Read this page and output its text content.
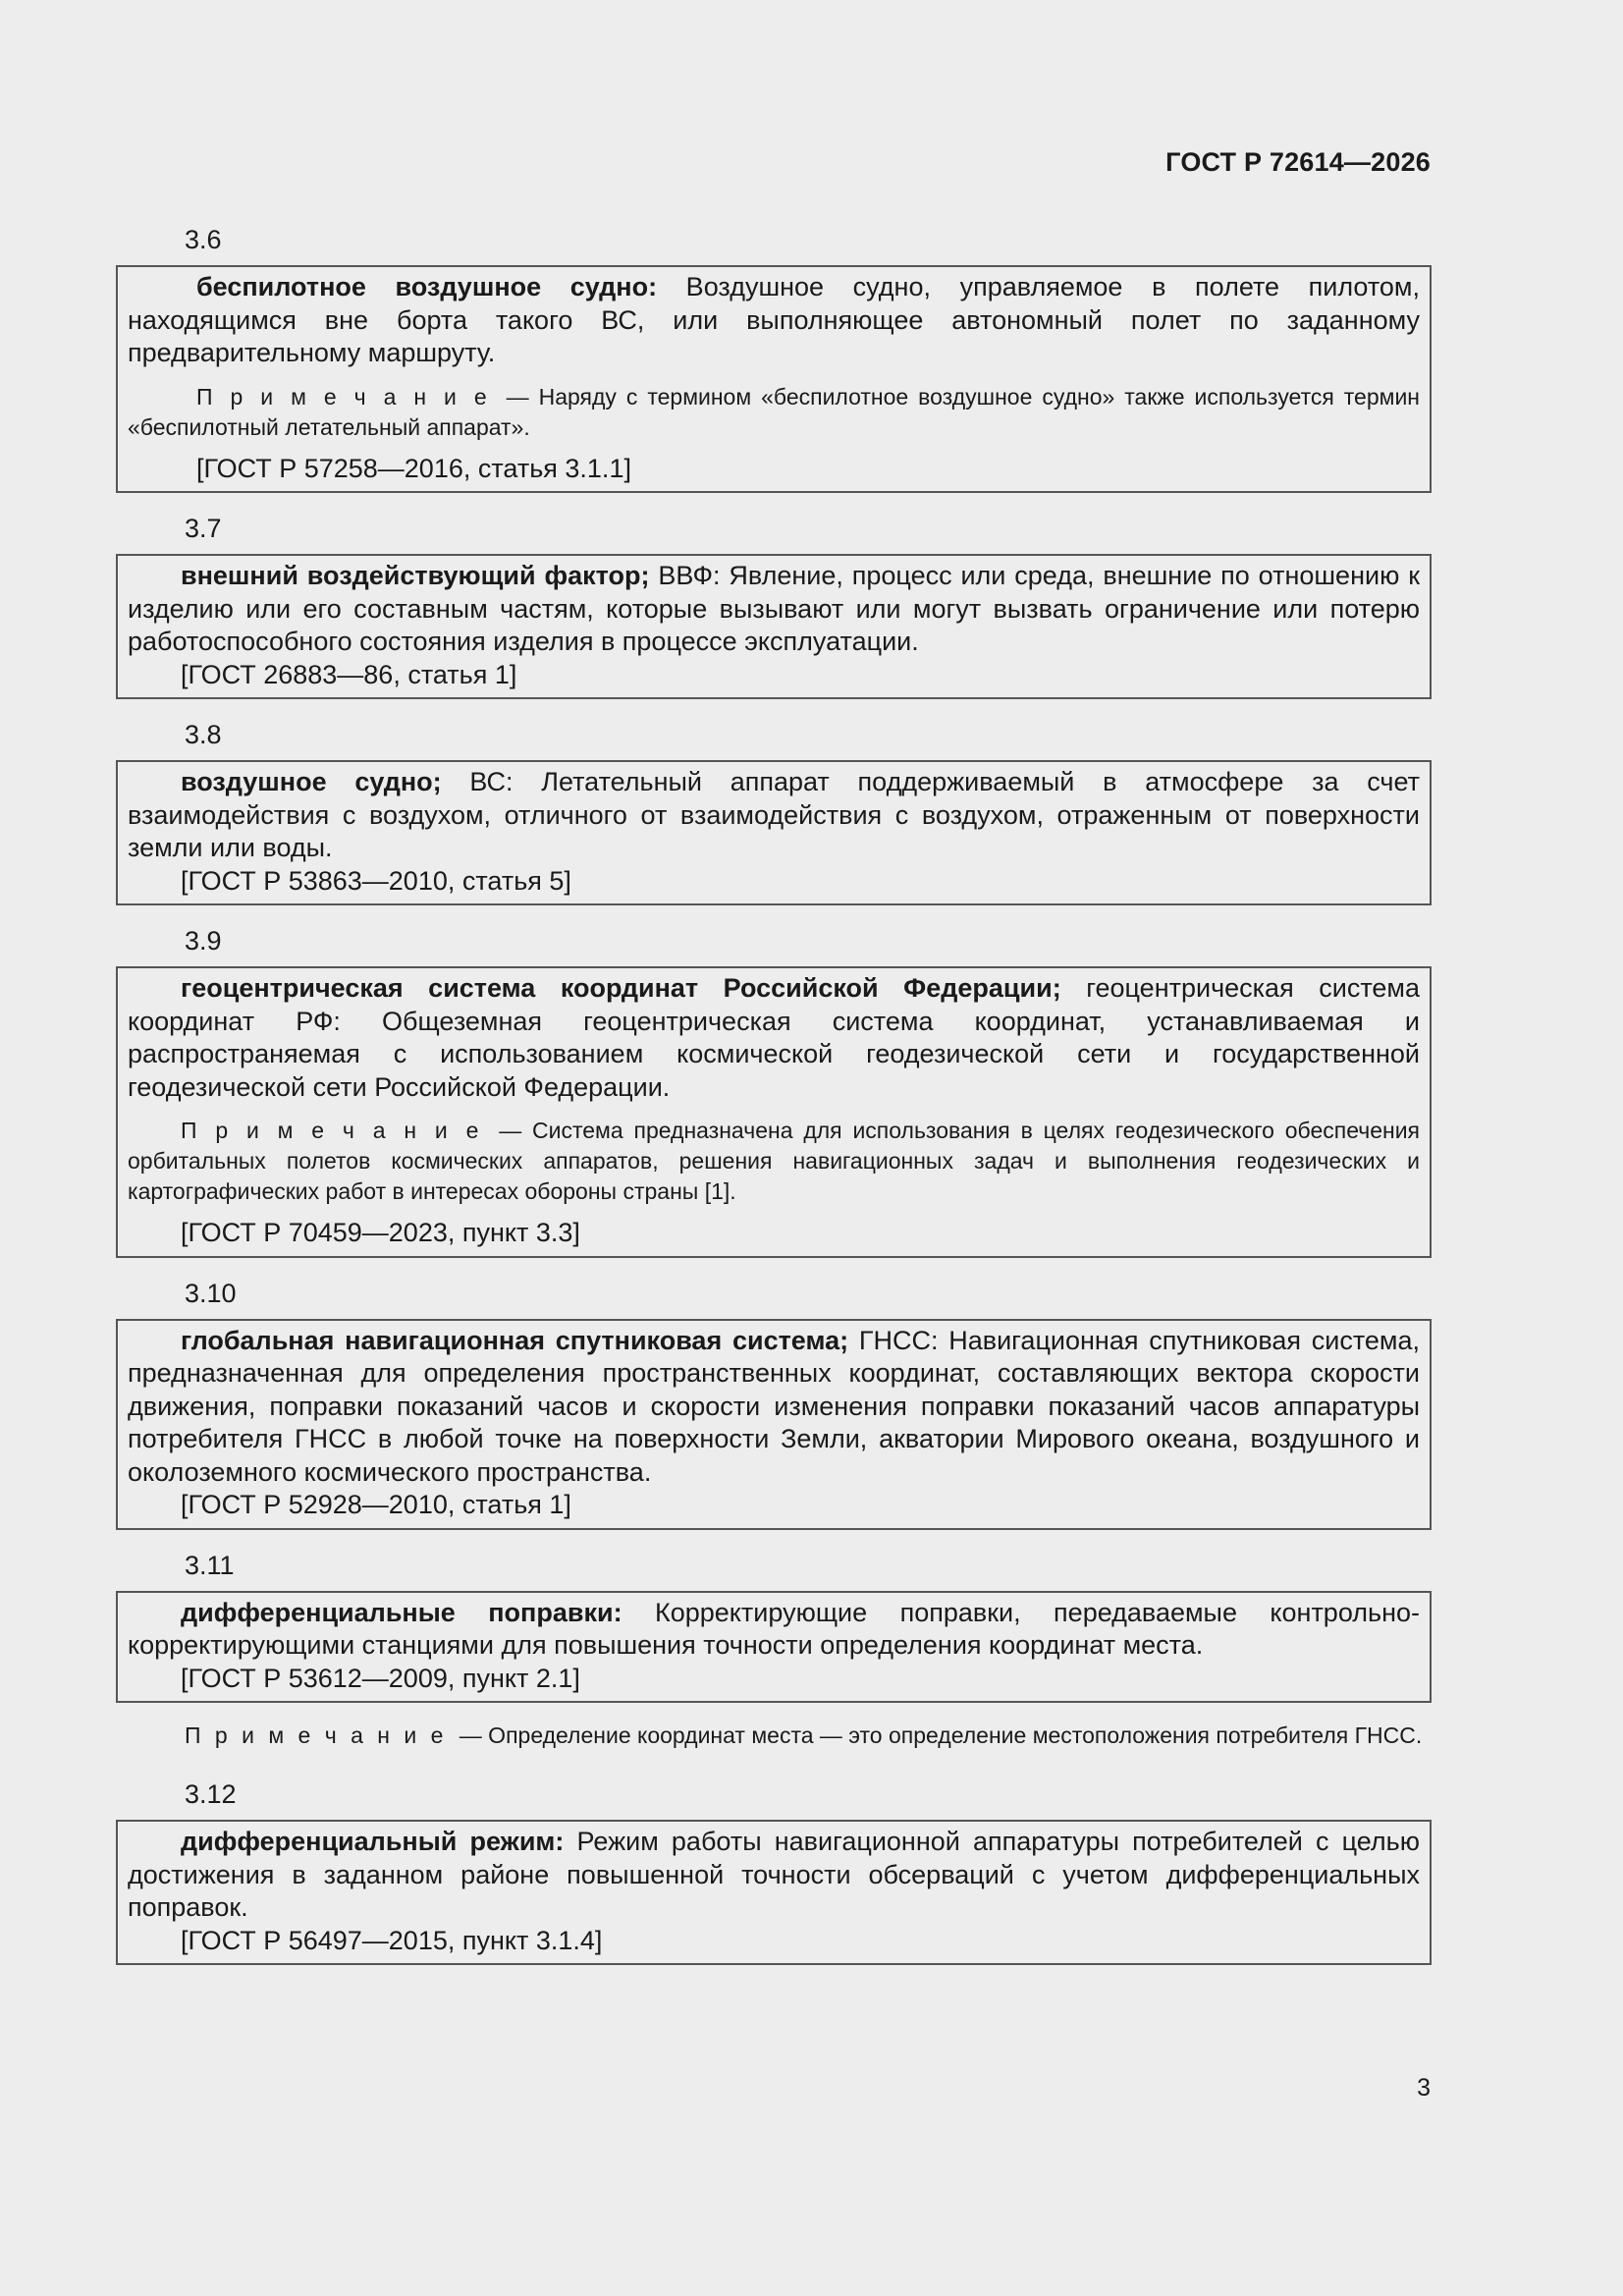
ГОСТ Р 72614—2026
3.6

беспилотное воздушное судно: Воздушное судно, управляемое в полете пилотом, находящимся вне борта такого ВС, или выполняющее автономный полет по заданному предварительному маршруту.

П р и м е ч а н и е — Наряду с термином «беспилотное воздушное судно» также используется термин «беспилотный летательный аппарат».

[ГОСТ Р 57258—2016, статья 3.1.1]

3.7

внешний воздействующий фактор; ВВФ: Явление, процесс или среда, внешние по отношению к изделию или его составным частям, которые вызывают или могут вызвать ограничение или потерю работоспособного состояния изделия в процессе эксплуатации.

[ГОСТ 26883—86, статья 1]

3.8

воздушное судно; ВС: Летательный аппарат поддерживаемый в атмосфере за счет взаимодействия с воздухом, отличного от взаимодействия с воздухом, отраженным от поверхности земли или воды.

[ГОСТ Р 53863—2010, статья 5]

3.9

геоцентрическая система координат Российской Федерации; геоцентрическая система координат РФ: Общеземная геоцентрическая система координат, устанавливаемая и распространяемая с использованием космической геодезической сети и государственной геодезической сети Российской Федерации.

П р и м е ч а н и е — Система предназначена для использования в целях геодезического обеспечения орбитальных полетов космических аппаратов, решения навигационных задач и выполнения геодезических и картографических работ в интересах обороны страны [1].

[ГОСТ Р 70459—2023, пункт 3.3]

3.10

глобальная навигационная спутниковая система; ГНСС: Навигационная спутниковая система, предназначенная для определения пространственных координат, составляющих вектора скорости движения, поправки показаний часов и скорости изменения поправки показаний часов аппаратуры потребителя ГНСС в любой точке на поверхности Земли, акватории Мирового океана, воздушного и околоземного космического пространства.

[ГОСТ Р 52928—2010, статья 1]

3.11

дифференциальные поправки: Корректирующие поправки, передаваемые контрольно-корректирующими станциями для повышения точности определения координат места.

[ГОСТ Р 53612—2009, пункт 2.1]

П р и м е ч а н и е — Определение координат места — это определение местоположения потребителя ГНСС.
3.12

дифференциальный режим: Режим работы навигационной аппаратуры потребителей с целью достижения в заданном районе повышенной точности обсерваций с учетом дифференциальных поправок.

[ГОСТ Р 56497—2015, пункт 3.1.4]

3
